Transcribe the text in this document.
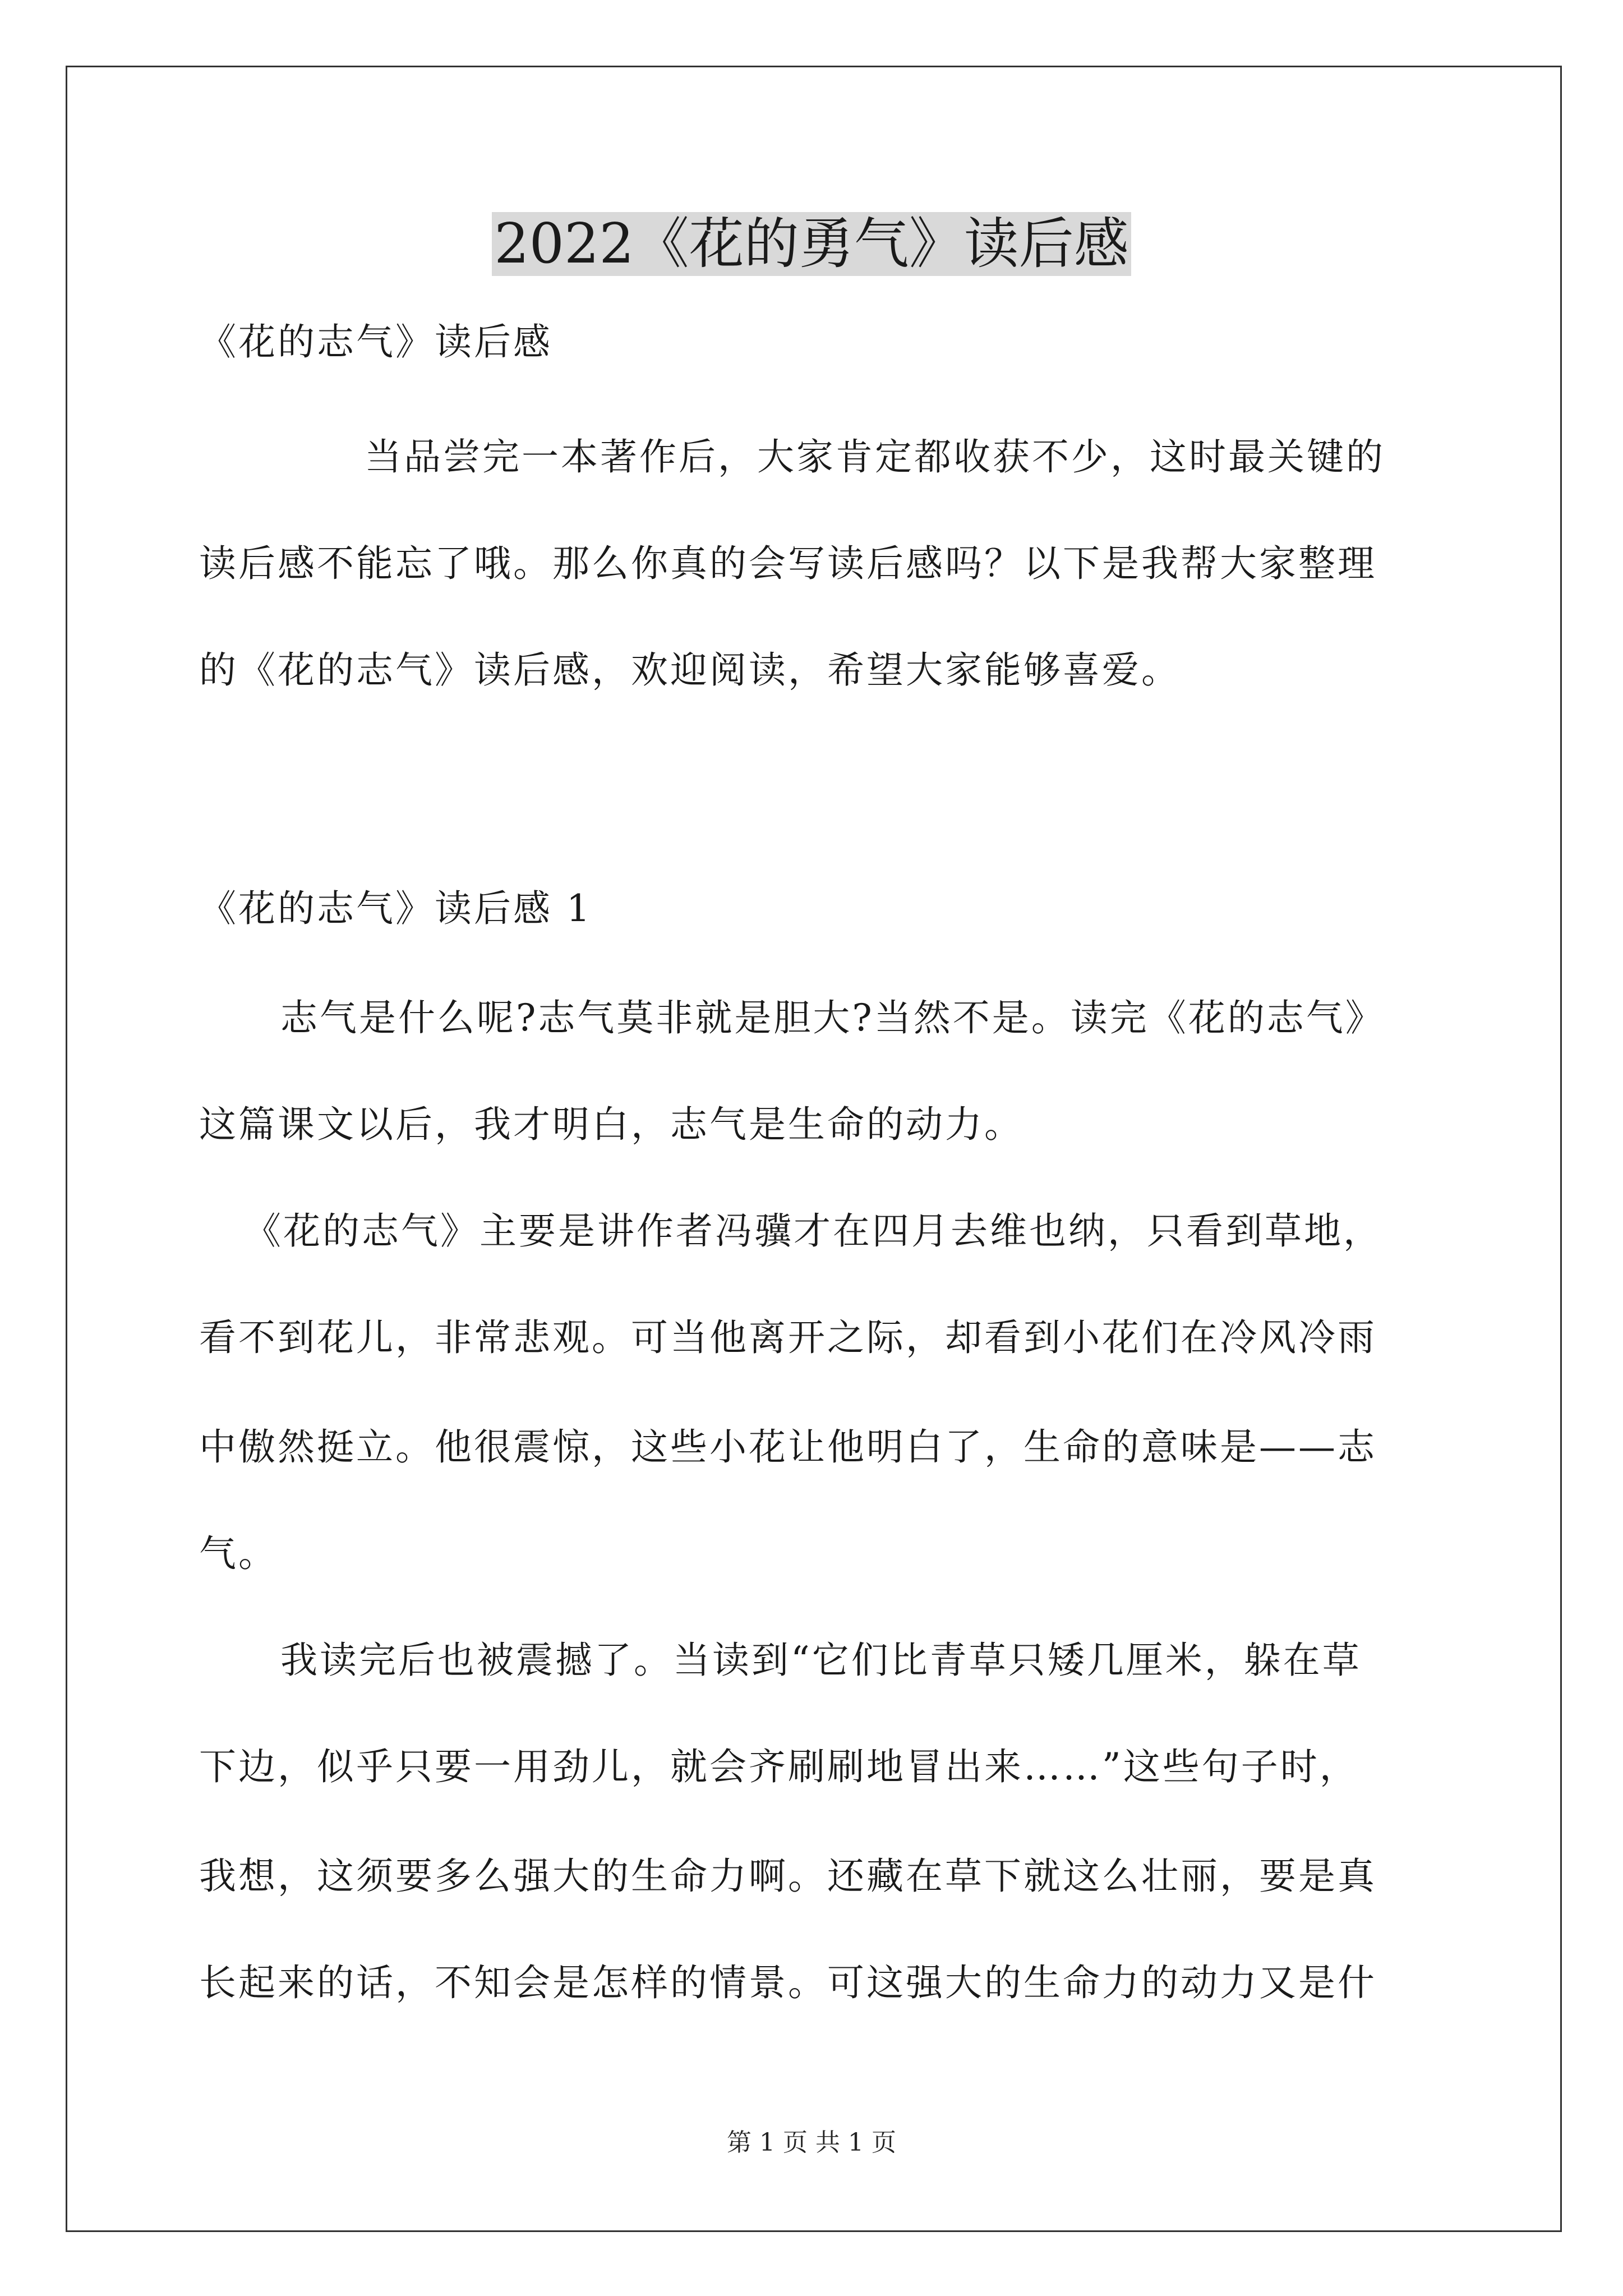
2022《花的勇气》读后感
《花的志气》读后感
当品尝完一本著作后，大家肯定都收获不少，这时最关键的
读后感不能忘了哦。那么你真的会写读后感吗？以下是我帮大家整理
的《花的志气》读后感，欢迎阅读，希望大家能够喜爱。
《花的志气》读后感 1
志气是什么呢?志气莫非就是胆大?当然不是。读完《花的志气》
这篇课文以后，我才明白，志气是生命的动力。
《花的志气》主要是讲作者冯骥才在四月去维也纳，只看到草地，
看不到花儿，非常悲观。可当他离开之际，却看到小花们在冷风冷雨
中傲然挺立。他很震惊，这些小花让他明白了，生命的意味是——志
气。
我读完后也被震撼了。当读到“它们比青草只矮几厘米，躲在草
下边，似乎只要一用劲儿，就会齐刷刷地冒出来……”这些句子时，
我想，这须要多么强大的生命力啊。还藏在草下就这么壮丽，要是真
长起来的话，不知会是怎样的情景。可这强大的生命力的动力又是什
第 1 页 共 1 页
